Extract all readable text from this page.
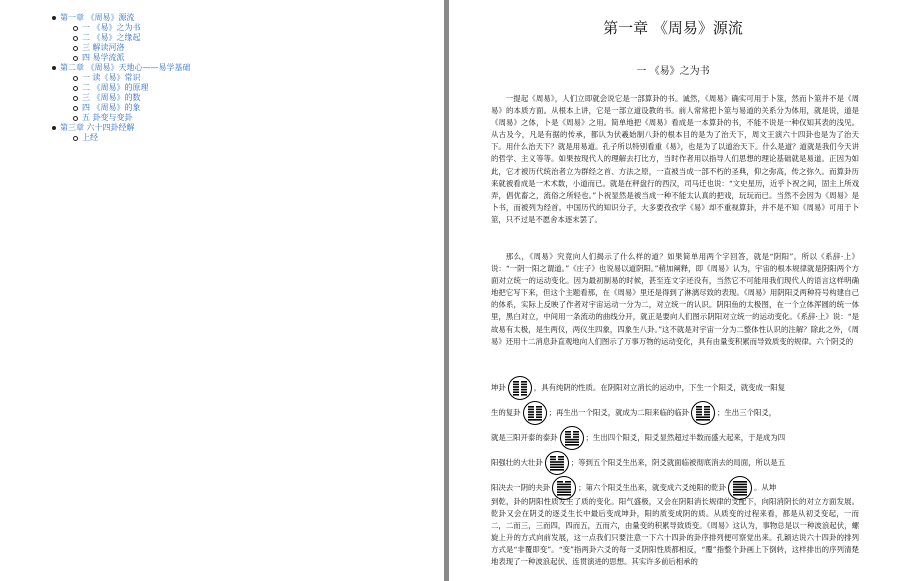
第一章 《周易》源流
一 《易》之为书
二 《易》之缘起
三 解读河洛
四 易学流派
第二章 《周易》天地心——易学基础
一 读《易》常识
二 《周易》的原理
三 《周易》的数
四 《周易》的象
五 卦变与变卦
第三章 六十四卦经解
上经
第一章 《周易》源流
一 《易》之为书
一提起《周易》，人们立即就会说它是一部算卦的书。诚然，《周易》确实可用于卜筮，然而卜筮并不是《周易》的本质方面。从根本上讲，它是一部立道设教的书。前人常常把卜筮与易道的关系分为体用，就是说，道是《周易》之体，卜是《周易》之用。简单地把《周易》看成是一本算卦的书，不能不说是一种仅知其表的浅见。从古及今，凡是有据的传承，都认为伏羲始制八卦的根本目的是为了治天下，周文王演六十四卦也是为了治天下。用什么治天下？就是用易道。孔子所以特别看重《易》，也是为了以道治天下。什么是道？道就是我们今天讲的哲学、主义等等。如果按现代人的理解去打比方，当时作者用以指导人们思想的理论基础就是易道。正因为如此，它才被历代统治者立为群经之首、方法之原，一直被当成一部不朽的圣典，仰之弥高，传之弥久。而算卦历来就被看成是一术术数，小道而已。就是在秤盘行的西汉，司马迁也说：“文史星历，近乎卜祝之间，固主上所戏弄，倡优畜之，流俗之所轻也。”卜祝显然是被当成一种不能太认真的把戏，玩玩而已。当然不会因为《周易》是卜书，而被列为经首。中国历代的知识分子，大多要孜孜学《易》却不重视算卦，并不是不知《周易》可用于卜筮，只不过是不愿舍本逐末罢了。
那么，《周易》究竟向人们揭示了什么样的道？如果简单用两个字回答，就是“阴阳”。所以《系辞·上》说：“一阴一阳之谓道。”《庄子》也说易以道阴阳。”稍加阐释，即《周易》认为，宇宙的根本规律就是阴阳两个方面对立统一的运动变化。因为最初制易的时候，甚至连文字还没有，当然它不可能用我们现代人的语言这样明确地把它写下来，但这个主题看那，在《周易》里还是得到了淋漓尽致的表现。《周易》用阴阳爻两种符号构建自己的体系，实际上反映了作者对宇宙运动一分为二，对立统一的认识。阴阳鱼的太极图，在一个立体浑圆的统一体里，黑白对立，中间用一条流动的曲线分开，就正是要向人们图示阴阳对立统一的运动变化。《系辞·上》说：“是故易有太极，是生两仪，两仪生四象，四象生八卦。”这不就是对宇宙一分为二整体性认识的注解？除此之外，《周易》还用十二消息卦直观地向人们图示了万事万物的运动变化，具有由量变积累而导致质变的规律。六个阴爻的
坤卦	，具有纯阴的性质。在阴阳对立消长的运动中，下生一个阳爻，就变成一阳复
生的复卦	；再生出一个阳爻，就成为二阳来临的临卦	；生出三个阳爻，
就是三阳开泰的泰卦	；生出四个阳爻，阳爻显然超过半数而盛大起来，于是成为四
阳强壮的大壮卦	；等到五个阳爻生出来，阴爻就面临被彻底消去的局面，所以是五
阳决去一阴的夬卦	；第六个阳爻生出来，就变成六爻纯阳的乾卦	。从坤
到乾，卦的阴阳性质发生了质的变化。阳气盛极，又会在阴阳消长规律的支配下，向阳消阴长的对立方面发展。乾卦又会在阴爻的逐爻生长中最后变成坤卦，阳的质变成阴的质。从质变的过程来看，都是从初爻变起，一而二，二而三，三而四，四而五，五而六，由量变的积累导致质变。《周易》这认为，事物总是以一种波浪起伏，螺旋上升的方式向前发展，这一点我们只要注意一下六十四卦的卦序排列便可察觉出来。孔颖达说六十四卦的排列方式是“非覆即变”。“变”指两卦六爻的每一爻阴阳性质都相反，“覆”指整个卦画上下倒转，这样排出的序列清楚地表现了一种波浪起伏、连贯演进的思想。其实许多前后相承的
